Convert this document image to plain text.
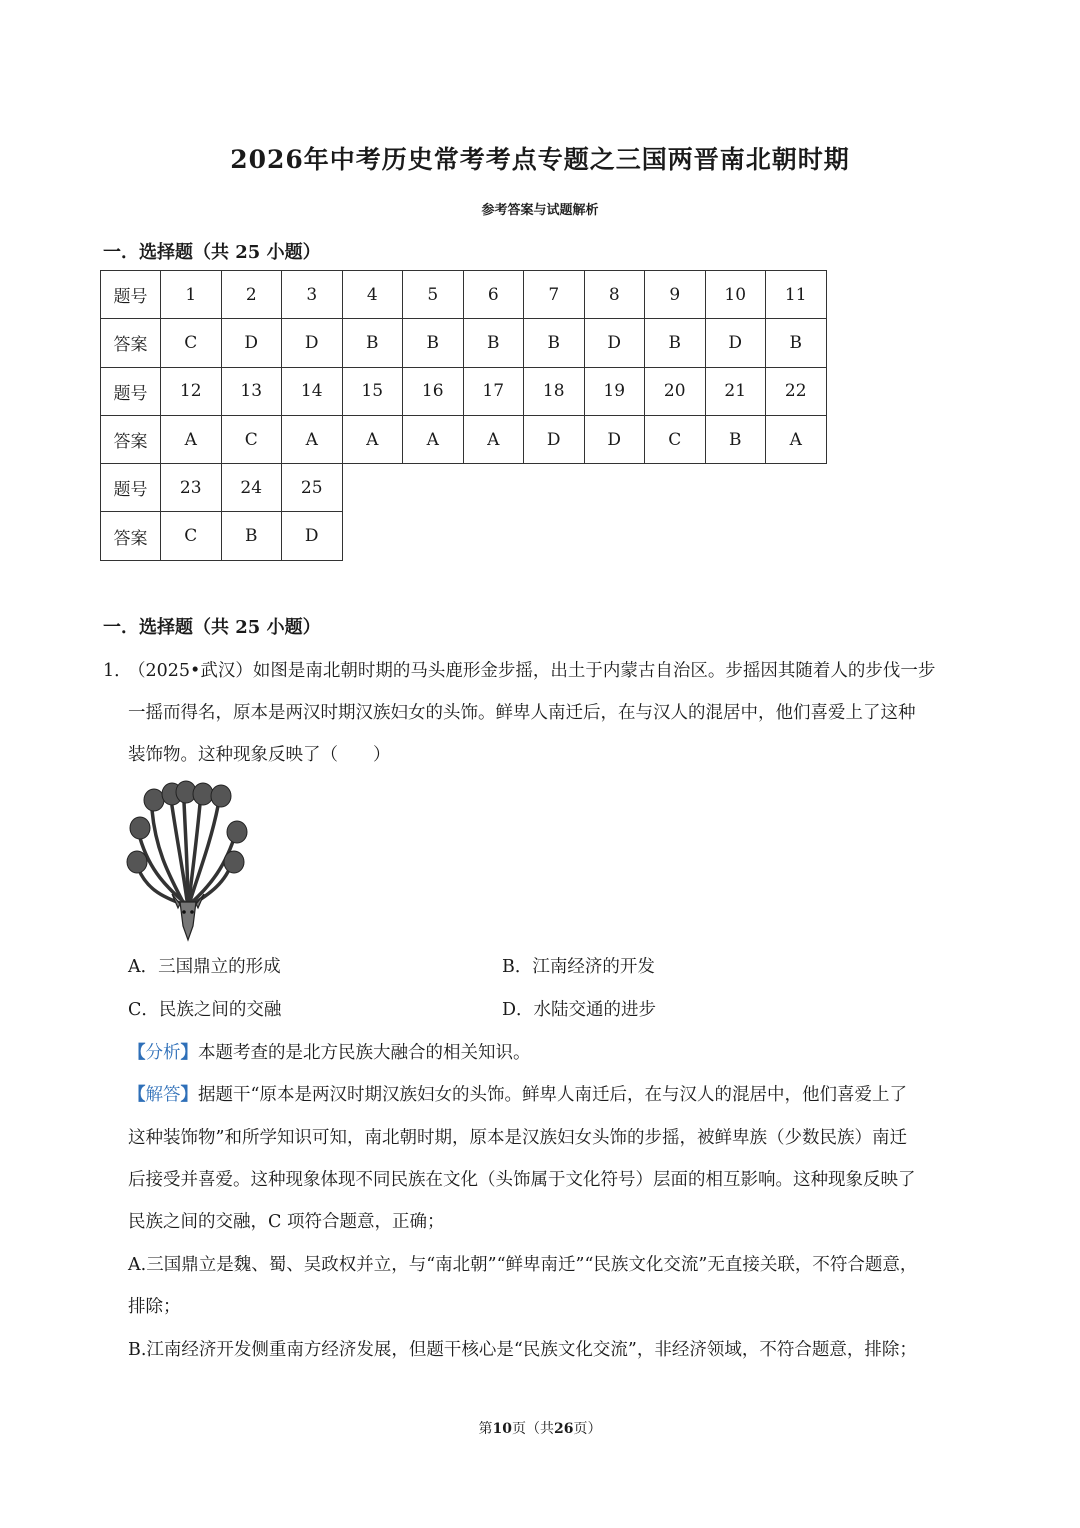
2026年中考历史常考考点专题之三国两晋南北朝时期
参考答案与试题解析
一．选择题（共 25 小题）
题号	1	2	3	4	5	6	7	8	9	10	11
答案	C	D	D	B	B	B	B	D	B	D	B
题号	12	13	14	15	16	17	18	19	20	21	22
答案	A	C	A	A	A	A	D	D	C	B	A
题号	23	24	25								
答案	C	B	D								
一．选择题（共 25 小题）
1．
（2025•武汉）如图是南北朝时期的马头鹿形金步摇，出土于内蒙古自治区。步摇因其随着人的步伐一步
一摇而得名，原本是两汉时期汉族妇女的头饰。鲜卑人南迁后，在与汉人的混居中，他们喜爱上了这种
装饰物。这种现象反映了（　　）
A．三国鼎立的形成	B．江南经济的开发
C．民族之间的交融	D．水陆交通的进步
【分析】本题考查的是北方民族大融合的相关知识。
【解答】据题干“原本是两汉时期汉族妇女的头饰。鲜卑人南迁后，在与汉人的混居中，他们喜爱上了
这种装饰物”和所学知识可知，南北朝时期，原本是汉族妇女头饰的步摇，被鲜卑族（少数民族）南迁
后接受并喜爱。这种现象体现不同民族在文化（头饰属于文化符号）层面的相互影响。这种现象反映了
民族之间的交融，C 项符合题意，正确；
A.三国鼎立是魏、蜀、吴政权并立，与“南北朝”“鲜卑南迁”“民族文化交流”无直接关联，不符合题意，
排除；
B.江南经济开发侧重南方经济发展，但题干核心是“民族文化交流”，非经济领域，不符合题意，排除；
第10页（共26页）
